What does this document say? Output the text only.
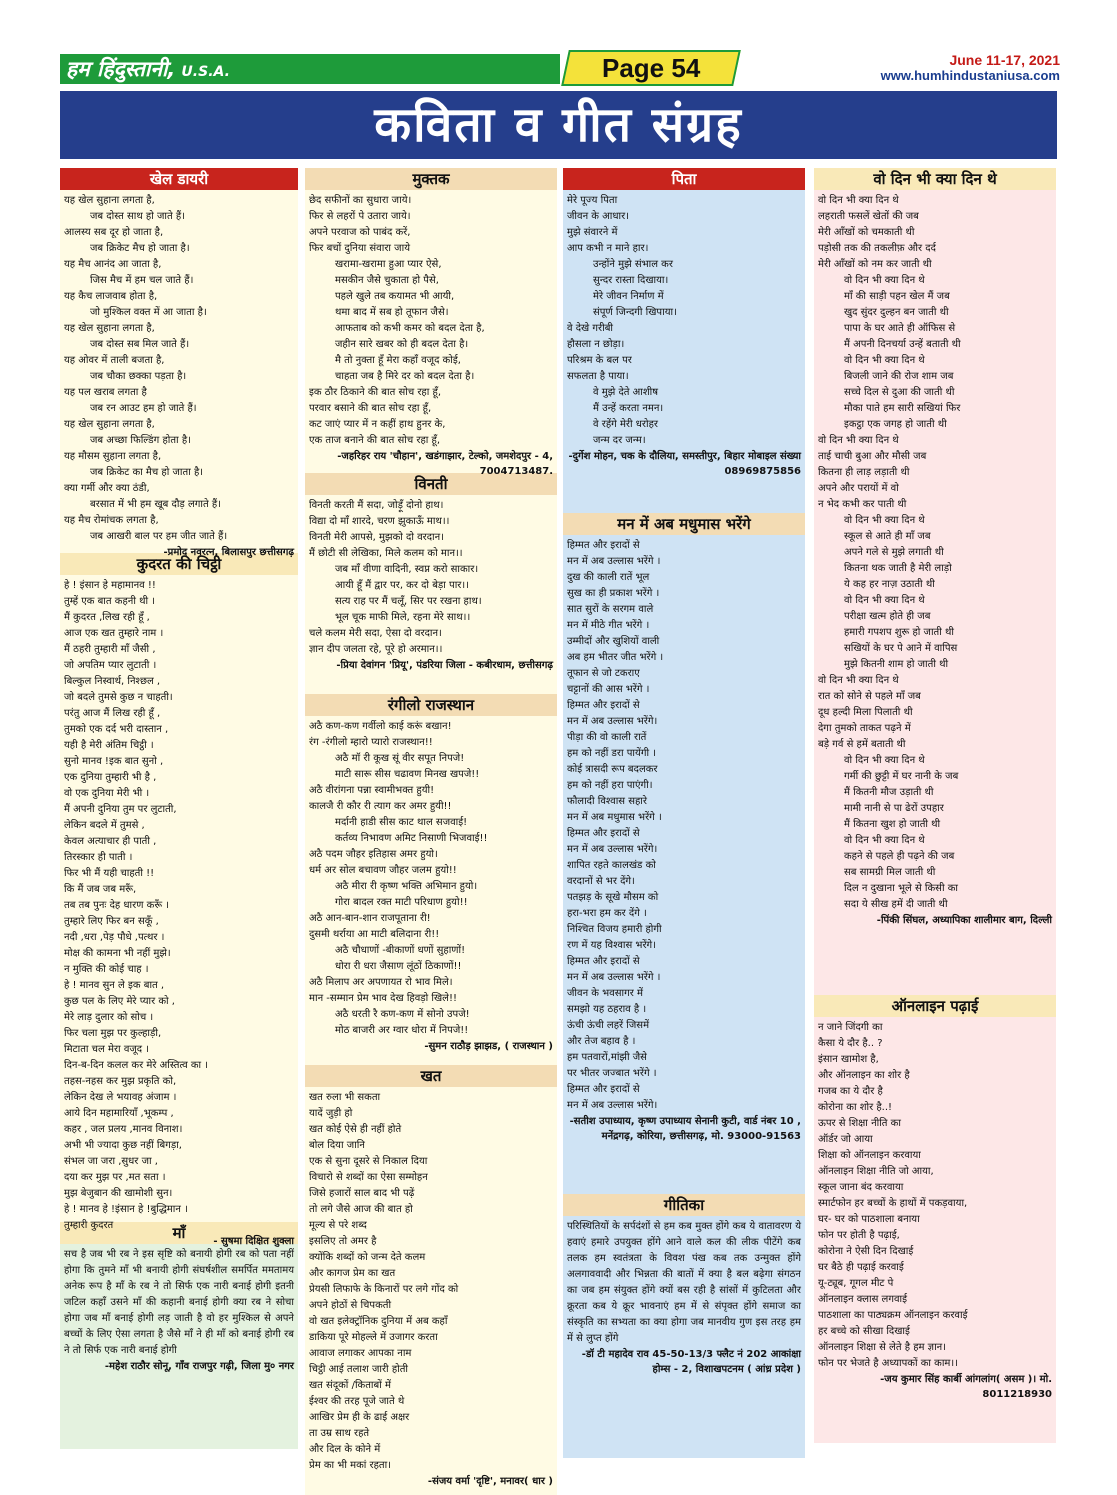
हम हिंदुस्तानी, U.S.A.	Page 54	June 11-17, 2021
www.humhindustaniusa.com
कविता व गीत संग्रह
खेल डायरी
यह खेल सुहाना लगता है,
जब दोस्त साथ हो जाते हैं।
आलस्य सब दूर हो जाता है,
जब क्रिकेट मैच हो जाता है।
यह मैच आनंद आ जाता है,
जिस मैच में हम चल जाते हैं।
यह कैच लाजवाब होता है,
जो मुश्किल वक्त में आ जाता है।
यह खेल सुहाना लगता है,
जब दोस्त सब मिल जाते हैं।
यह ओवर में ताली बजता है,
जब चौका छक्का पड़ता है।
यह पल खराब लगता है
जब रन आउट हम हो जाते हैं।
यह खेल सुहाना लगता है,
जब अच्छा फिल्डिंग होता है।
यह मौसम सुहाना लगता है,
जब क्रिकेट का मैच हो जाता है।
क्या गर्मी और क्या ठंडी,
बरसात में भी हम खूब दौड़ लगाते हैं।
यह मैच रोमांचक लगता है,
जब आखरी बाल पर हम जीत जाते हैं।
-प्रमोद नवरत्न, बिलासपुर छत्तीसगढ़
कुदरत की चिट्ठी
हे ! इंसान हे महामानव !!
तुम्हें एक बात कहनी थी ।
मैं कुदरत ,लिख रही हूँ ,
आज एक खत तुम्हारे नाम ।
मैं ठहरी तुम्हारी माँ जैसी ,
जो अपतिम प्यार लुटाती ।
बिल्कुल निस्वार्थ, निश्छल ,
जो बदले तुमसे कुछ न चाहती।
परंतु आज मैं लिख रही हूँ ,
तुमको एक दर्द भरी दास्तान ,
यही है मेरी अंतिम चिट्ठी ।
सुनो मानव !इक बात सुनो ,
एक दुनिया तुम्हारी भी है ,
वो एक दुनिया मेरी भी ।
मैं अपनी दुनिया तुम पर लुटाती,
लेकिन बदले में तुमसे ,
केवल अत्याचार ही पाती ,
तिरस्कार ही पाती ।
फिर भी मैं यही चाहती !!
कि मैं जब जब मरूँ,
तब तब पुनः देह धारण करूँ ।
तुम्हारे लिए फिर बन सकूँ ,
नदी ,धरा ,पेड़ पौधे ,पत्थर ।
मोक्ष की कामना भी नहीं मुझे।
न मुक्ति की कोई चाह ।
हे ! मानव सुन ले इक बात ,
कुछ पल के लिए मेरे प्यार को ,
मेरे लाड़ दुलार को सोच ।
फिर चला मुझ पर कुल्हाड़ी,
मिटाता चल मेरा वजूद ।
दिन-ब-दिन कलल कर मेरे अस्तित्व का ।
तहस-नहस कर मुझ प्रकृति को,
लेकिन देख ले भयावह अंजाम ।
आये दिन महामारियाँ ,भूकम्प ,
कहर , जल प्रलय ,मानव विनाश।
अभी भी ज्यादा कुछ नहीं बिगड़ा,
संभल जा जरा ,सुधर जा ,
दया कर मुझ पर ,मत सता ।
मुझ बेजुबान की खामोशी सुन।
हे ! मानव हे !इंसान हे !बुद्धिमान ।
तुम्हारी कुदरत
- सुषमा दिक्षित शुक्ला
माँ
सच है जब भी रब ने इस सृष्टि को बनायी होगी रब को पता नहीं होगा कि तुमने माँ भी बनायी होगी संघर्षशील समर्पित ममतामय अनेक रूप है माँ के रब ने तो सिर्फ एक नारी बनाई होगी इतनी जटिल कहाँ उसने माँ की कहानी बनाई होगी क्या रब ने सोचा होगा जब माँ बनाई होगी लड़ जाती है वो हर मुश्किल से अपने बच्चों के लिए ऐसा लगता है जैसे माँ ने ही माँ को बनाई होगी रब ने तो सिर्फ एक नारी बनाई होगी
-महेश राठौर सोनू, गाँव राजपुर गढ़ी, जिला मु० नगर
मुक्तक
छेद सफीनों का सुधारा जाये।
फिर से लहरों पे उतारा जाये।
अपने परवाज को पाबंद करें,
फिर बचों दुनिया संवारा जाये
खरामा-खरामा हुआ प्यार ऐसे,
मसकीन जैसे चुकाता हो पैसे,
पहले खुले तब कयामत भी आयी,
थमा बाद में सब हो तूफान जैसे।
आफताब को कभी कमर को बदल देता है,
जहीन सारे खबर को ही बदल देता है।
मै तो नुक्ता हूँ मेरा कहाँ वजूद कोई,
चाहता जब है मिरे दर को बदल देता है।
इक ठौर ठिकाने की बात सोच रहा हूँ,
परवार बसाने की बात सोच रहा हूँ,
कट जाएं प्यार में न कहीं हाथ हुनर के,
एक ताज बनाने की बात सोच रहा हूँ,
-जहरिहर राय 'चौहान', खडंगाझार, टेल्को, जमशेदपुर - 4, 7004713487.
विनती
विनती करती मैं सदा, जोड़ूँ दोनो हाथ।
विद्या दो माँ शारदे, चरण झुकाऊँ माथ।।
विनती मेरी आपसे, मुझको दो वरदान।
मैं छोटी सी लेखिका, मिले कलम को मान।।
जब माँ वीणा वादिनी, स्वप्न करो साकार।
आयी हूँ मैं द्वार पर, कर दो बेड़ा पार।।
सत्य राह पर मैं चलूँ, सिर पर रखना हाथ।
भूल चूक माफी मिले, रहना मेरे साथ।।
चले कलम मेरी सदा, ऐसा दो वरदान।
ज्ञान दीप जलता रहे, पूरे हो अरमान।।
-प्रिया देवांगन 'प्रियू', पंडरिया जिला - कबीरधाम, छत्तीसगढ़
रंगीलो राजस्थान
अठै कण-कण गर्वीलो काई करूं बखान!
रंग -रंगीलो म्हारो प्यारो राजस्थान!!
अठै मॉ री कूख सूं वीर सपूत निपजे!
माटी सारू सीस चढावण मिनख खपजे!!
अठै वीरांगना पन्ना स्वामीभक्त हुयी!
कालजै री कौर री त्याग कर अमर हुयी!!
मर्दानी हाडी सीस काट थाल सजवाई!
कर्तव्य निभावण अमिट निसाणी भिजवाई!!
अठै पदम जौहर इतिहास अमर हुयो।
धर्म अर सोल बचावण जौहर जलम हुयो!!
अठै मीरा री कृष्ण भक्ति अभिमान हुयो।
गोरा बादल रक्त माटी परिधाण हुयो!!
अठै आन-बान-शान राजपूताना री!
दुसमी थर्राया आ माटी बलिदाना री!!
अठै चौधाणों -बीकाणों धणों सुहाणों!
धोरा री धरा जैसाण लूंठों ठिकाणों!!
अठै मिलाप अर अपणायत रो भाव मिले।
मान -सम्मान प्रेम भाव देख हिवड़ो खिले!!
अठै धरती रै कण-कण में सोनो उपजे!
मोठ बाजरी अर ग्वार धोरा में निपजे!!
-सुमन राठौड़ झाझड, ( राजस्थान )
खत
खत रुला भी सकता
यादें जुड़ी हो
खत कोई ऐसे ही नहीं होते
बोल दिया जानि
एक से सुना दूसरे से निकाल दिया
विचारो से शब्दों का ऐसा सम्मोहन
जिसे हजारों साल बाद भी पढ़ें
तो लगे जैसे आज की बात हो
मूल्य से परे शब्द
इसलिए तो अमर है
क्योंकि शब्दों को जन्म देते कलम
और कागज प्रेम का खत
प्रेयसी लिफाफे के किनारों पर लगे गोंद को
अपने होठों से चिपकती
वो खत इलेक्ट्रॉनिक दुनिया में अब कहाँ
डाकिया पूरे मोहल्ले में उजागर करता
आवाज लगाकर आपका नाम
चिट्ठी आई तलाश जारी होती
खत संदूकों /किताबों में
ईश्वर की तरह पूजे जाते थे
आखिर प्रेम ही के ढाई अक्षर
ता उम्र साथ रहते
और दिल के कोने में
प्रेम का भी मकां रहता।
-संजय वर्मा 'दृष्टि', मनावर( धार )
पिता
मेरे पूज्य पिता
जीवन के आधार।
मुझे संवारने में
आप कभी न माने हार।
उन्होंने मुझे संभाल कर
सुन्दर रास्ता दिखाया।
मेरे जीवन निर्माण में
संपूर्ण जिन्दगी खिपाया।
वे देखे गरीबी
हौसला न छोड़ा।
परिश्रम के बल पर
सफलता है पाया।
वे मुझे देते आशीष
मैं उन्हें करता नमन।
वे रहेंगे मेरी धरोहर
जन्म दर जन्म।
-दुर्गेश मोहन, चक के दौलिया, समस्तीपुर, बिहार मोबाइल संख्या 08969875856
मन में अब मधुमास भरेंगे
हिम्मत और इरादों से
मन में अब उल्लास भरेंगे ।
दुख की काली रातें भूल
सुख का ही प्रकाश भरेंगे ।
सात सुरों के सरगम वाले
मन में मीठे गीत भरेंगे ।
उम्मीदों और खुशियों वाली
अब हम भीतर जीत भरेंगे ।
तूफान से जो टकराए
चट्टानों की आस भरेंगे ।
हिम्मत और इरादों से
मन में अब उल्लास भरेंगे।
पीड़ा की वो काली रातें
हम को नहीं डरा पायेंगी ।
कोई त्रासदी रूप बदलकर
हम को नहीं हरा पाएंगी।
फौलादी विश्वास सहारे
मन में अब मधुमास भरेंगे ।
हिम्मत और इरादों से
मन में अब उल्लास भरेंगे।
शापित रहते कालखंड को
वरदानों से भर देंगे।
पतझड़ के सूखे मौसम को
हरा-भरा हम कर देंगे ।
निश्चित विजय हमारी होगी
रण में यह विश्वास भरेंगे।
हिम्मत और इरादों से
मन में अब उल्लास भरेंगे ।
जीवन के भवसागर में
समझो यह ठहराव है ।
ऊंची ऊंची लहरें जिसमें
और तेज बहाव है ।
हम पतवारों,मांझी जैसे
पर भीतर जज्बात भरेंगे ।
हिम्मत और इरादों से
मन में अब उल्लास भरेंगे।
-सतीश उपाध्याय, कृष्ण उपाध्याय सेनानी कुटी, वार्ड नंबर 10 , मनेंद्रगढ़, कोरिया, छत्तीसगढ़, मो. 93000-91563
गीतिका
परिस्थितियों के सर्पदंशों से हम कब मुक्त होंगे कब ये वातावरण ये हवाएं हमारे उपयुक्त होंगे आने वाले कल की लीक पीटेंगे कब तलक हम स्वतंत्रता के विवश पंख कब तक उन्मुक्त होंगे अलगाववादी और भिन्नता की बातों में क्या है बल बढ़ेगा संगठन का जब हम संयुक्त होंगे क्यों बस रही है सांसों में कुटिलता और क्रूरता कब ये क्रूर भावनाएं हम में से संपृक्त होंगे समाज का संस्कृति का सभ्यता का क्या होगा जब मानवीय गुण इस तरह हम में से लुप्त होंगे
-डॉ टी महादेव राव 45-50-13/3 फ्लैट नं 202 आकांक्षा होम्स - 2, विशाखपटनम ( आंध्र प्रदेश )
वो दिन भी क्या दिन थे
वो दिन भी क्या दिन थे
लहराती फसलें खेतों की जब
मेरी आँखों को चमकाती थी
पड़ोसी तक की तकलीफ़ और दर्द
मेरी आँखों को नम कर जाती थी
वो दिन भी क्या दिन थे
माँ की साड़ी पहन खेल मैं जब
खुद सुंदर दुल्हन बन जाती थी
पापा के घर आते ही ऑफिस से
मैं अपनी दिनचर्या उन्हें बताती थी
वो दिन भी क्या दिन थे
बिजली जाने की रोज शाम जब
सच्चे दिल से दुआ की जाती थी
मौका पाते हम सारी सखियां फिर
इकट्ठा एक जगह हो जाती थी
वो दिन भी क्या दिन थे
ताई चाची बुआ और मौसी जब
कितना ही लाड़ लड़ाती थी
अपने और परायों में वो
न भेद कभी कर पाती थी
वो दिन भी क्या दिन थे
स्कूल से आते ही माँ जब
अपने गले से मुझे लगाती थी
कितना थक जाती है मेरी लाड़ो
ये कह हर नाज़ उठाती थी
वो दिन भी क्या दिन थे
परीक्षा खत्म होते ही जब
हमारी गपशप शुरू हो जाती थी
सखियों के घर पे आने में वापिस
मुझे कितनी शाम हो जाती थी
वो दिन भी क्या दिन थे
रात को सोने से पहले माँ जब
दूध हल्दी मिला पिलाती थी
देगा तुमको ताकत पढ़ने में
बड़े गर्व से हमें बताती थी
वो दिन भी क्या दिन थे
गर्मी की छुट्टी में घर नानी के जब
मैं कितनी मौज उड़ाती थी
मामी नानी से पा ढेरों उपहार
मैं कितना खुश हो जाती थी
वो दिन भी क्या दिन थे
कहने से पहले ही पढ़ने की जब
सब सामग्री मिल जाती थी
दिल न दुखाना भूले से किसी का
सदा ये सीख हमें दी जाती थी
-पिंकी सिंघल, अध्यापिका शालीमार बाग, दिल्ली
ऑनलाइन पढ़ाई
न जाने जिंदगी का
कैसा ये दौर है.. ?
इंसान खामोश है,
और ऑनलाइन का शोर है
गजब का ये दौर है
कोरोना का शोर है..!
ऊपर से शिक्षा नीति का
ऑर्डर जो आया
शिक्षा को ऑनलाइन करवाया
ऑनलाइन शिक्षा नीति जो आया,
स्कूल जाना बंद करवाया
स्मार्टफोन हर बच्चों के हाथों में पकड़वाया,
घर- घर को पाठशाला बनाया
फोन पर होती है पढ़ाई,
कोरोना ने ऐसी दिन दिखाई
घर बैठे ही पढ़ाई करवाई
यू-ट्यूब, गूगल मीट पे
ऑनलाइन क्लास लगवाई
पाठशाला का पाठ्यक्रम ऑनलाइन करवाई
हर बच्चे को सीखा दिखाई
ऑनलाइन शिक्षा से लेते है हम ज्ञान।
फोन पर भेजते है अध्यापकों का काम।।
-जय कुमार सिंह कार्बी आंगलांग( असम )। मो. 8011218930
